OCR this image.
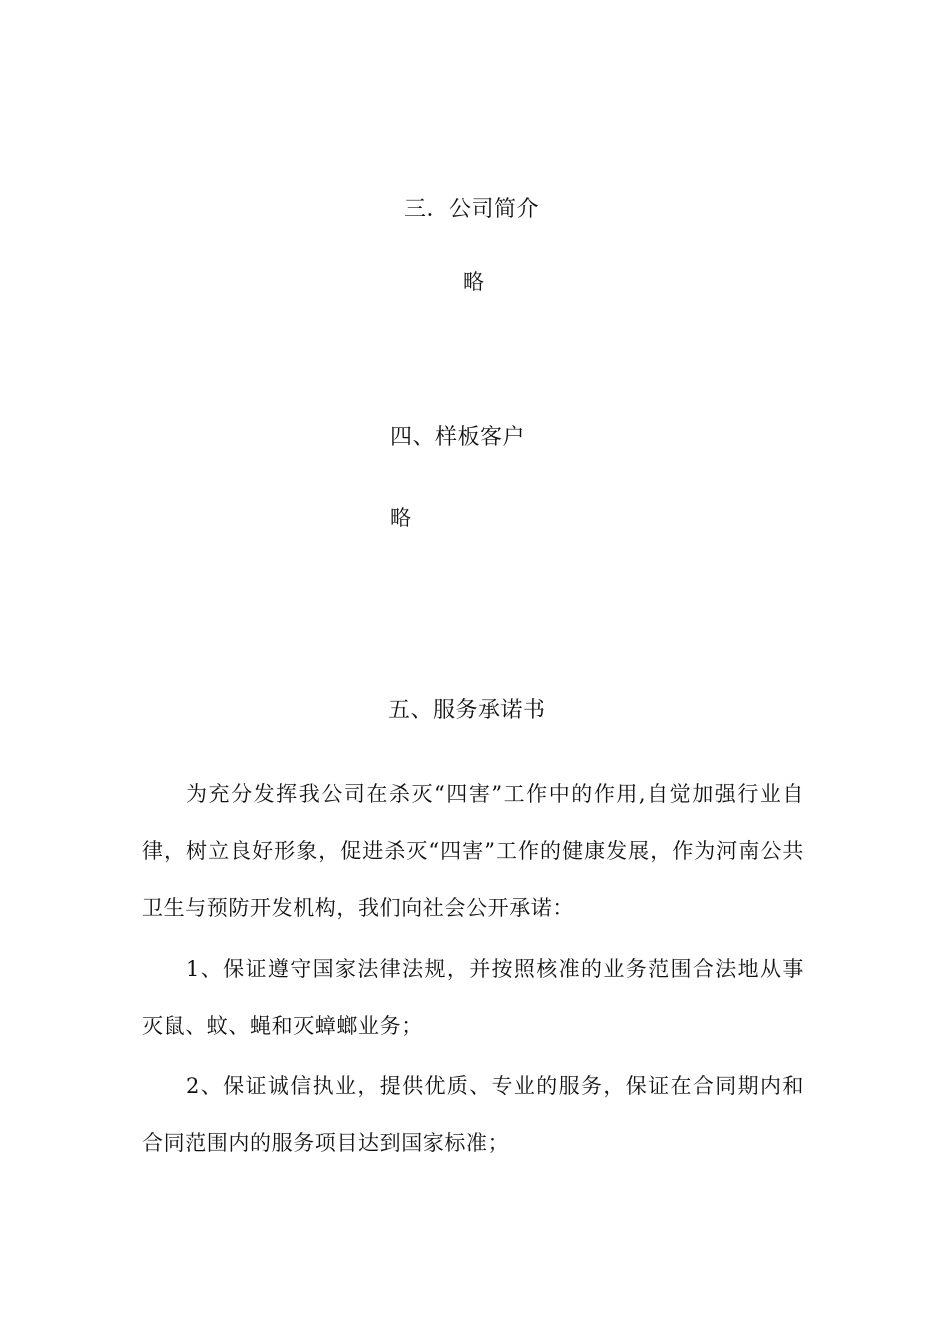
三．公司简介

略

四、样板客户

略

五、服务承诺书

为充分发挥我公司在杀灭“四害”工作中的作用,自觉加强行业自律，树立良好形象，促进杀灭“四害”工作的健康发展，作为河南公共卫生与预防开发机构，我们向社会公开承诺：

1、保证遵守国家法律法规，并按照核准的业务范围合法地从事灭鼠、蚊、蝇和灭蟑螂业务；

2、保证诚信执业，提供优质、专业的服务，保证在合同期内和合同范围内的服务项目达到国家标准；
